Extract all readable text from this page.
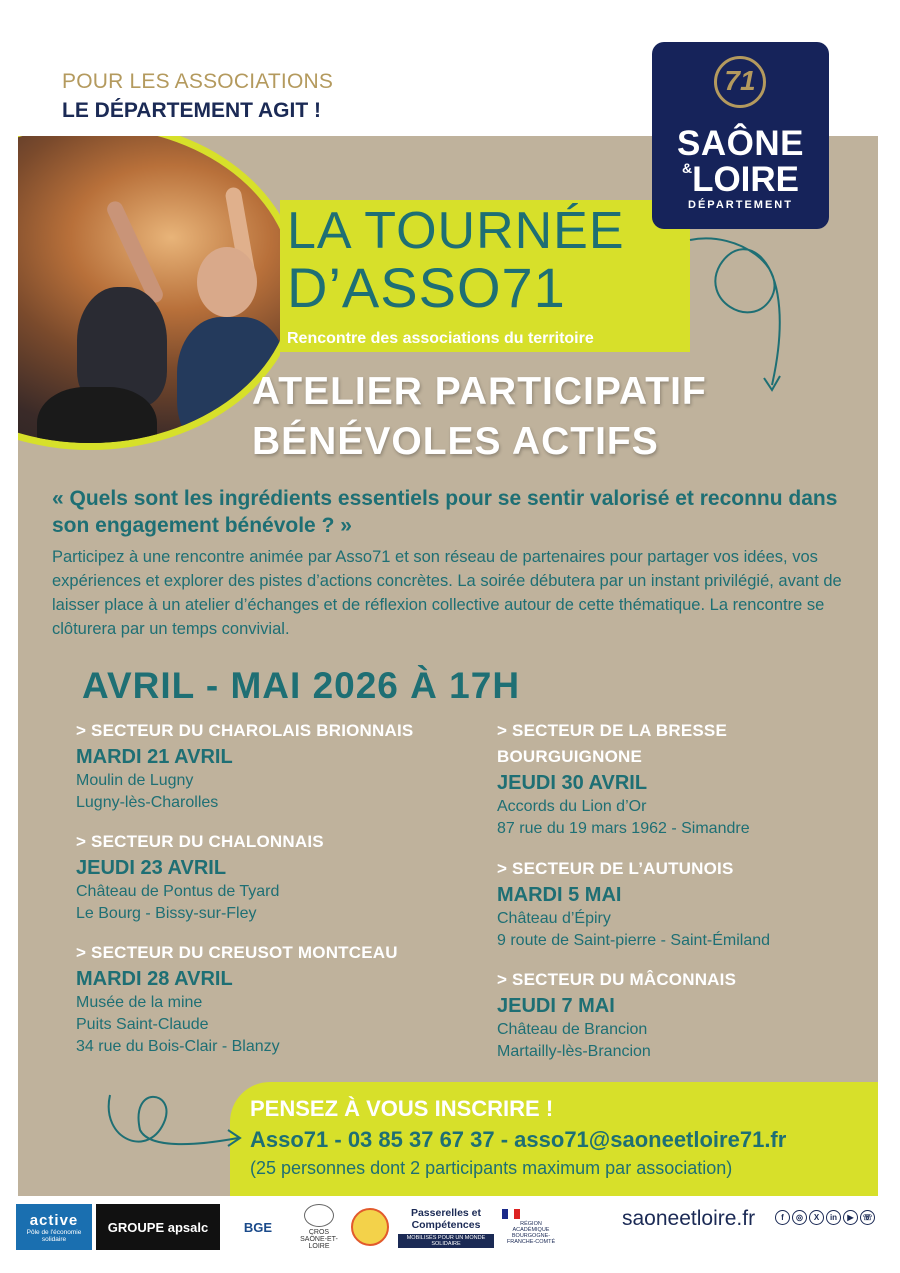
POUR LES ASSOCIATIONS
LE DÉPARTEMENT AGIT !
LA TOURNÉE
D’ASSO71
Rencontre des associations du territoire
71
SAÔNE
&LOIRE
DÉPARTEMENT
ATELIER PARTICIPATIF
BÉNÉVOLES ACTIFS
« Quels sont les ingrédients essentiels pour se sentir valorisé et reconnu dans son engagement bénévole ? »
Participez à une rencontre animée par Asso71 et son réseau de partenaires pour partager vos idées, vos expériences et explorer des pistes d’actions concrètes. La soirée débutera par un instant privilégié, avant de laisser place à un atelier d’échanges et de réflexion collective autour de cette thématique. La rencontre se clôturera par un temps convivial.
AVRIL - MAI 2026 À 17H
> SECTEUR DU CHAROLAIS BRIONNAIS
MARDI 21 AVRIL
Moulin de Lugny
Lugny-lès-Charolles
> SECTEUR DU CHALONNAIS
JEUDI 23 AVRIL
Château de Pontus de Tyard
Le Bourg - Bissy-sur-Fley
> SECTEUR DU CREUSOT MONTCEAU
MARDI 28 AVRIL
Musée de la mine
Puits Saint-Claude
34 rue du Bois-Clair - Blanzy
> SECTEUR DE LA BRESSE
BOURGUIGNONE
JEUDI 30 AVRIL
Accords du Lion d’Or
87 rue du 19 mars 1962 - Simandre
> SECTEUR DE L’AUTUNOIS
MARDI 5 MAI
Château d’Épiry
9 route de Saint-pierre - Saint-Émiland
> SECTEUR DU MÂCONNAIS
JEUDI 7 MAI
Château de Brancion
Martailly-lès-Brancion
PENSEZ À VOUS INSCRIRE !
Asso71 - 03 85 37 67 37 - asso71@saoneetloire71.fr
(25 personnes dont 2 participants maximum par association)
active
Pôle de l'économie solidaire
GROUPE apsalc	BGE	CROS SAÔNE-ET-LOIRE
Passerelles et Compétences
MOBILISÉS POUR UN MONDE SOLIDAIRE
RÉGION ACADÉMIQUE BOURGOGNE-FRANCHE-COMTÉ
saoneetloire.fr	f	◎	X	in	▶	☏
